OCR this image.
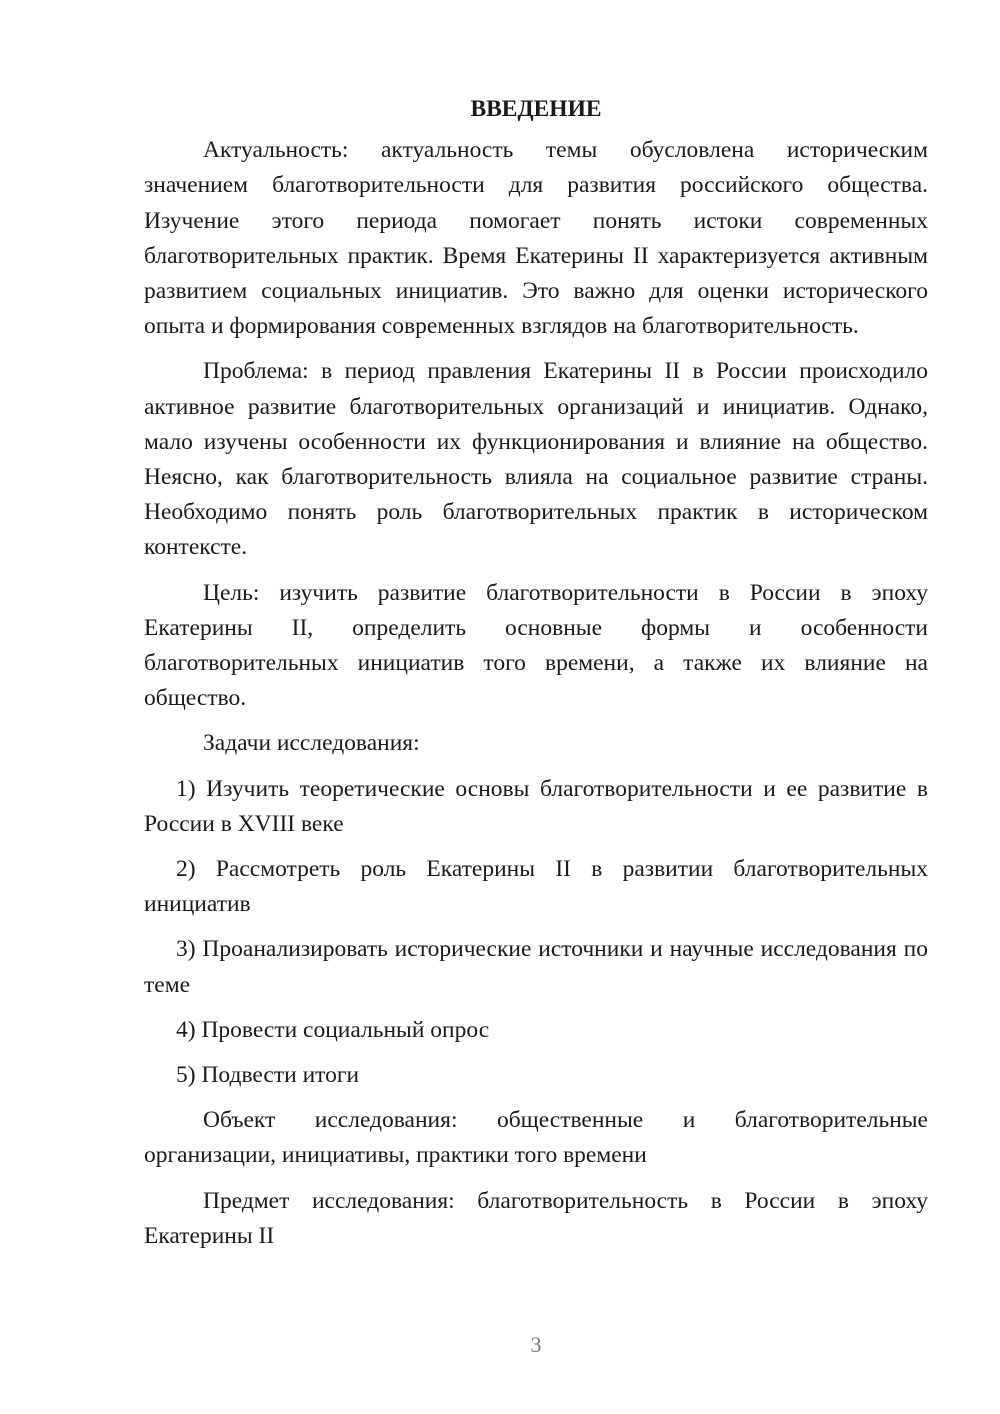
ВВЕДЕНИЕ

Актуальность: актуальность темы обусловлена историческим значением благотворительности для развития российского общества. Изучение этого периода помогает понять истоки современных благотворительных практик. Время Екатерины II характеризуется активным развитием социальных инициатив. Это важно для оценки исторического опыта и формирования современных взглядов на благотворительность.

Проблема: в период правления Екатерины II в России происходило активное развитие благотворительных организаций и инициатив. Однако, мало изучены особенности их функционирования и влияние на общество. Неясно, как благотворительность влияла на социальное развитие страны. Необходимо понять роль благотворительных практик в историческом контексте.

Цель: изучить развитие благотворительности в России в эпоху Екатерины II, определить основные формы и особенности благотворительных инициатив того времени, а также их влияние на общество.

Задачи исследования:

1) Изучить теоретические основы благотворительности и ее развитие в России в XVIII веке

2) Рассмотреть роль Екатерины II в развитии благотворительных инициатив

3) Проанализировать исторические источники и научные исследования по теме

4) Провести социальный опрос

5) Подвести итоги

Объект исследования: общественные и благотворительные организации, инициативы, практики того времени

Предмет исследования: благотворительность в России в эпоху Екатерины II

3
